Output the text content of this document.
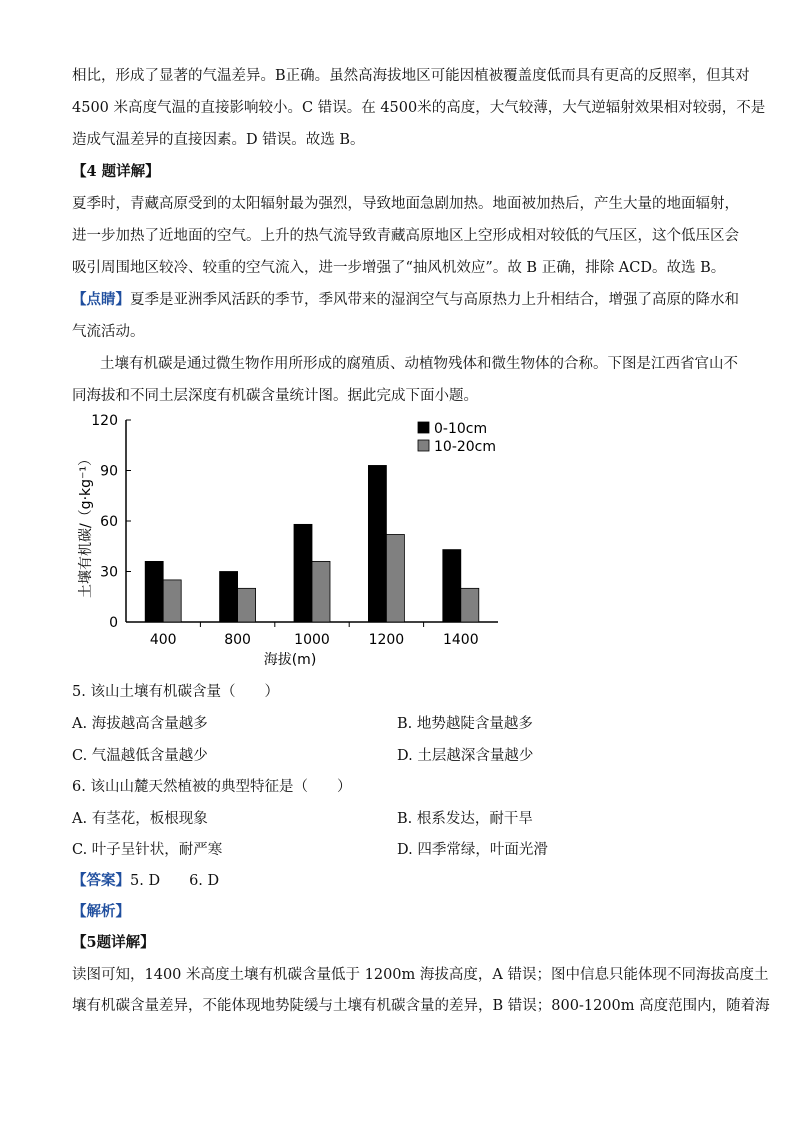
相比，形成了显著的气温差异。B正确。虽然高海拔地区可能因植被覆盖度低而具有更高的反照率，但其对
4500 米高度气温的直接影响较小。C 错误。在 4500米的高度，大气较薄，大气逆辐射效果相对较弱，不是
造成气温差异的直接因素。D 错误。故选 B。
【4 题详解】
夏季时，青藏高原受到的太阳辐射最为强烈，导致地面急剧加热。地面被加热后，产生大量的地面辐射，
进一步加热了近地面的空气。上升的热气流导致青藏高原地区上空形成相对较低的气压区，这个低压区会
吸引周围地区较冷、较重的空气流入，进一步增强了“抽风机效应”。故 B 正确，排除 ACD。故选 B。
【点睛】夏季是亚洲季风活跃的季节，季风带来的湿润空气与高原热力上升相结合，增强了高原的降水和
气流活动。
土壤有机碳是通过微生物作用所形成的腐殖质、动植物残体和微生物体的合称。下图是江西省官山不
同海拔和不同土层深度有机碳含量统计图。据此完成下面小题。
0
30
60
90
120
400	800	1000	1200	1400
海拔(m)
土壤有机碳/（g·kg⁻¹）
0-10cm
10-20cm
5. 该山土壤有机碳含量（　　）
A. 海拔越高含量越多	B. 地势越陡含量越多
C. 气温越低含量越少	D. 土层越深含量越少
6. 该山山麓天然植被的典型特征是（　　）
A. 有茎花，板根现象	B. 根系发达，耐干旱
C. 叶子呈针状，耐严寒	D. 四季常绿，叶面光滑
【答案】5. D　　6. D
【解析】
【5题详解】
读图可知，1400 米高度土壤有机碳含量低于 1200m 海拔高度，A 错误；图中信息只能体现不同海拔高度土
壤有机碳含量差异，不能体现地势陡缓与土壤有机碳含量的差异，B 错误；800-1200m 高度范围内，随着海
